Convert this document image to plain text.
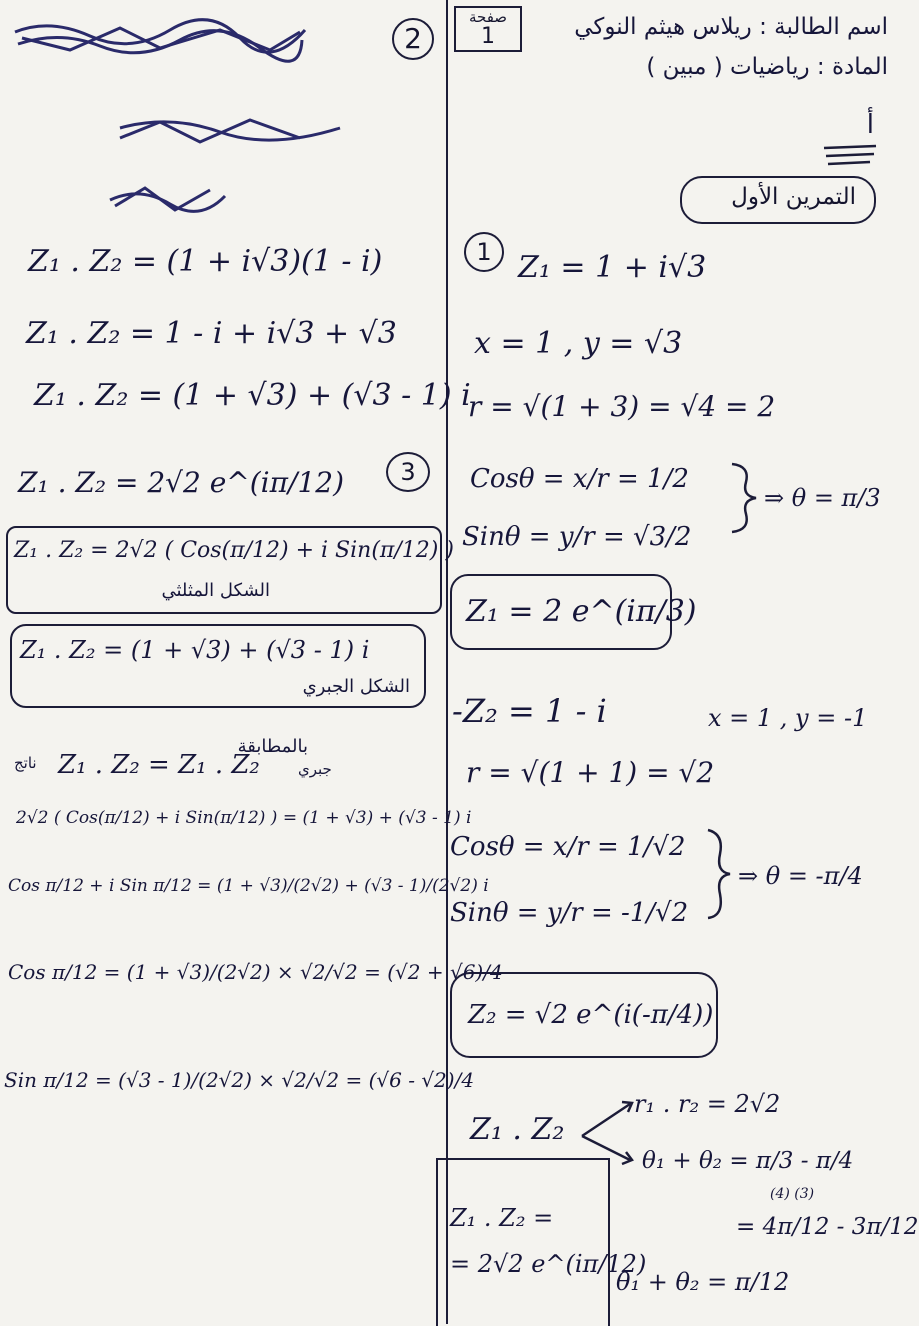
2
صفحة
1	اسم الطالبة : ريلاس هيثم النوكي
المادة : رياضيات ( مبين )
أ
التمرين الأول
1 Z₁ = 1 + i√3
x = 1 , y = √3
r = √(1 + 3) = √4 = 2
Cosθ = x/r = 1/2
Sinθ = y/r = √3/2
⇒ θ = π/3
Z₁ = 2 e^(iπ/3)
-Z₂ = 1 - i	x = 1 , y = -1
r = √(1 + 1) = √2
Cosθ = x/r = 1/√2
Sinθ = y/r = -1/√2
⇒ θ = -π/4
Z₂ = √2 e^(i(-π/4))
Z₁ . Z₂
r₁ . r₂ = 2√2
θ₁ + θ₂ = π/3 - π/4
(4) (3)
= 4π/12 - 3π/12
θ₁ + θ₂ = π/12
Z₁ . Z₂ =
= 2√2 e^(iπ/12)
Z₁ . Z₂ = (1 + i√3)(1 - i)
Z₁ . Z₂ = 1 - i + i√3 + √3
Z₁ . Z₂ = (1 + √3) + (√3 - 1) i
Z₁ . Z₂ = 2√2 e^(iπ/12)	3
Z₁ . Z₂ = 2√2 ( Cos(π/12) + i Sin(π/12) )
الشكل المثلثي
Z₁ . Z₂ = (1 + √3) + (√3 - 1) i
الشكل الجبري
بالمطابقة
ناتج Z₁ . Z₂ = Z₁ . Z₂	جبري
2√2 ( Cos(π/12) + i Sin(π/12) ) = (1 + √3) + (√3 - 1) i
Cos π/12 + i Sin π/12 = (1 + √3)/(2√2) + (√3 - 1)/(2√2) i
Cos π/12 = (1 + √3)/(2√2) × √2/√2 = (√2 + √6)/4
Sin π/12 = (√3 - 1)/(2√2) × √2/√2 = (√6 - √2)/4
